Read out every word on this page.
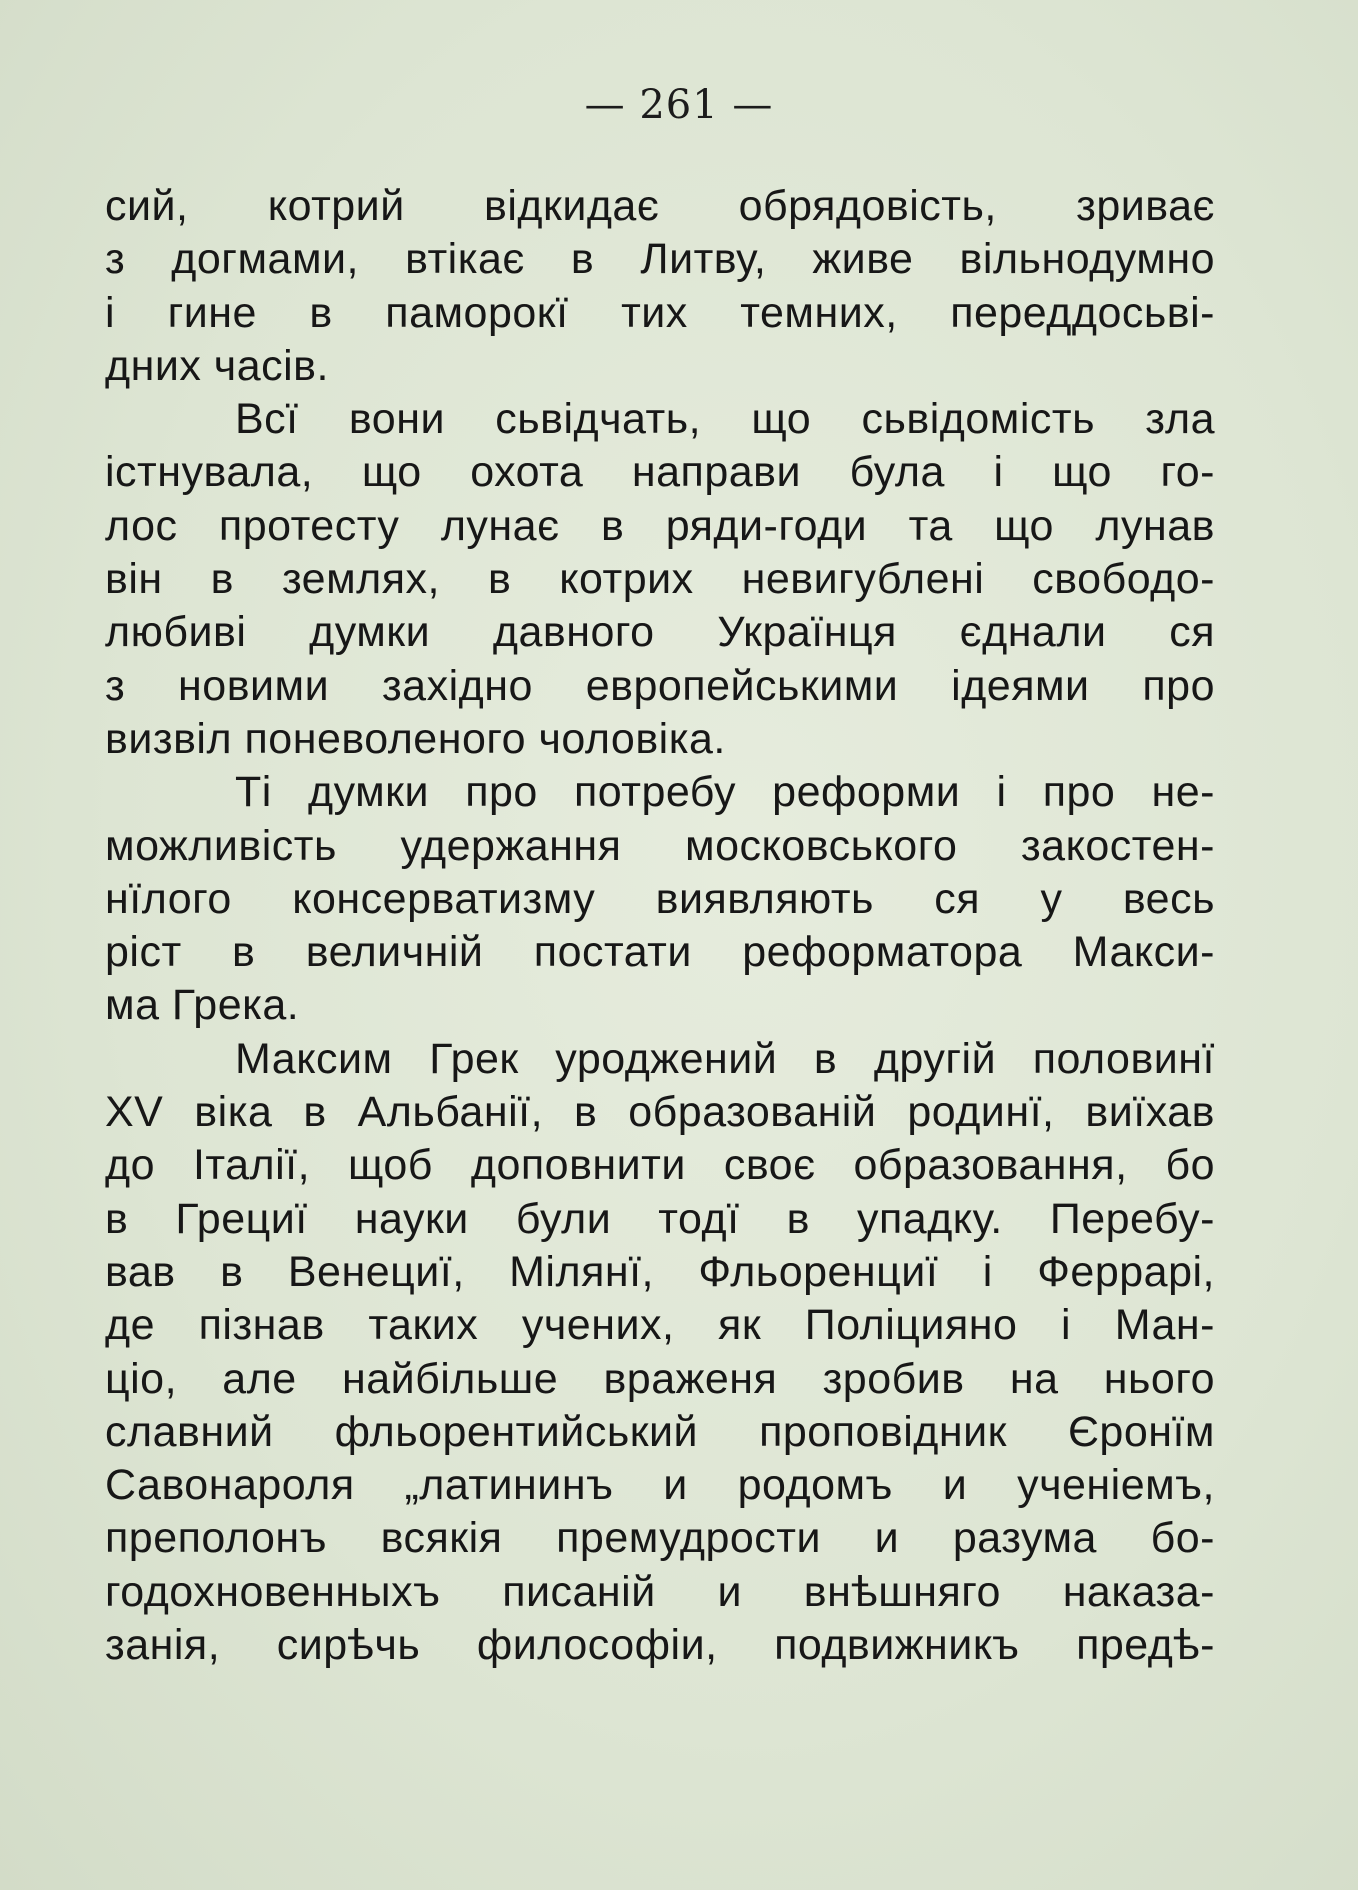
— 261 —
сий, котрий відкидає обрядовість, зриває
з догмами, втікає в Литву, живе вільнодумно
і гине в паморокї тих темних, переддосьві-
дних часів.
Всї вони сьвідчать, що сьвідомість зла
істнувала, що охота направи була і що го-
лос протесту лунає в ряди-годи та що лунав
він в землях, в котрих невигублені свободо-
любиві думки давного Українця єднали ся
з новими західно европейськими ідеями про
визвіл поневоленого чоловіка.
Ті думки про потребу реформи і про не-
можливість удержання московського закостен-
нїлого консерватизму виявляють ся у весь
ріст в величній постати реформатора Макси-
ма Грека.
Максим Грек уроджений в другій половинї
XV віка в Альбанії, в образованій родинї, виїхав
до Італії, щоб доповнити своє образовання, бо
в Грециї науки були тодї в упадку. Перебу-
вав в Венециї, Мілянї, Фльоренциї і Феррарі,
де пізнав таких учених, як Поліцияно і Ман-
ціо, але найбільше враженя зробив на нього
славний фльорентийський проповідник Єронїм
Савонароля „латининъ и родомъ и ученіемъ,
преполонъ всякія премудрости и разума бо-
годохновенныхъ писаній и внѣшняго наказа-
занія, сирѣчь философіи, подвижникъ предѣ-
